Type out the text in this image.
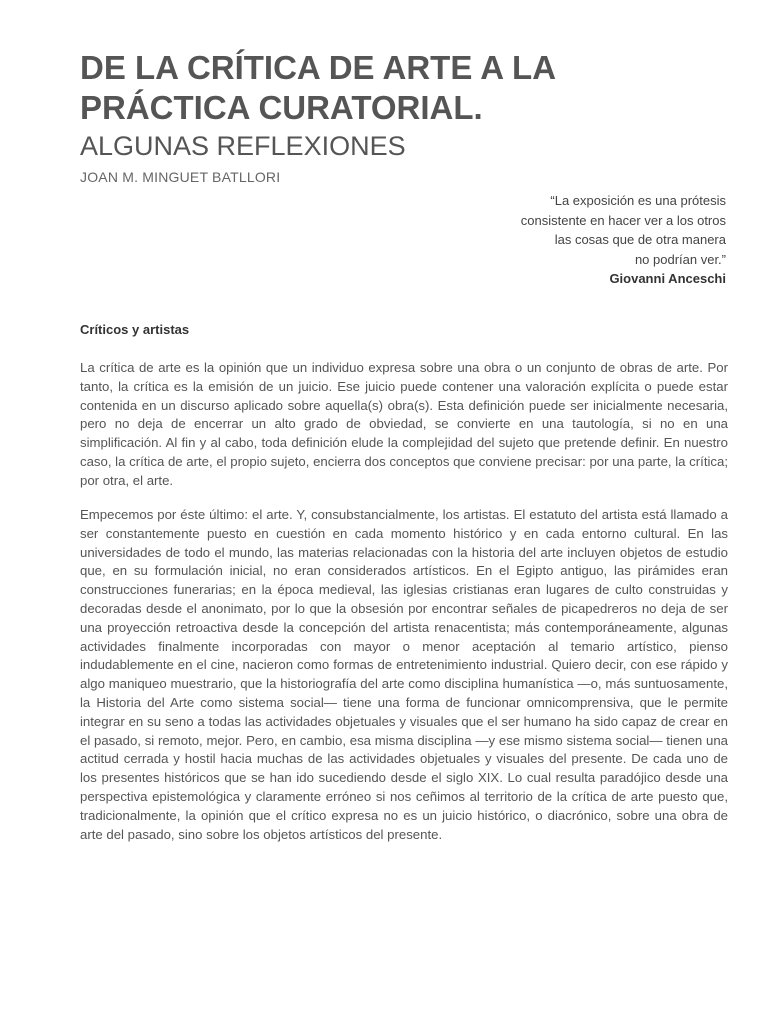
DE LA CRÍTICA DE ARTE A LA PRÁCTICA CURATORIAL.
ALGUNAS REFLEXIONES
JOAN M. MINGUET BATLLORI
“La exposición es una prótesis
consistente en hacer ver a los otros
las cosas que de otra manera
no podrían ver.”
Giovanni Anceschi
Críticos y artistas

La crítica de arte es la opinión que un individuo expresa sobre una obra o un conjunto de obras de arte. Por tanto, la crítica es la emisión de un juicio. Ese juicio puede contener una valoración explícita o puede estar contenida en un discurso aplicado sobre aquella(s) obra(s). Esta definición puede ser inicialmente necesaria, pero no deja de encerrar un alto grado de obviedad, se convierte en una tautología, si no en una simplificación. Al fin y al cabo, toda definición elude la complejidad del sujeto que pretende definir. En nuestro caso, la crítica de arte, el propio sujeto, encierra dos conceptos que conviene precisar: por una parte, la crítica; por otra, el arte.

Empecemos por éste último: el arte. Y, consubstancialmente, los artistas. El estatuto del artista está llamado a ser constantemente puesto en cuestión en cada momento histórico y en cada entorno cultural. En las universidades de todo el mundo, las materias relacionadas con la historia del arte incluyen objetos de estudio que, en su formulación inicial, no eran considerados artísticos. En el Egipto antiguo, las pirámides eran construcciones funerarias; en la época medieval, las iglesias cristianas eran lugares de culto construidas y decoradas desde el anonimato, por lo que la obsesión por encontrar señales de picapedreros no deja de ser una proyección retroactiva desde la concepción del artista renacentista; más contemporáneamente, algunas actividades finalmente incorporadas con mayor o menor aceptación al temario artístico, pienso indudablemente en el cine, nacieron como formas de entretenimiento industrial. Quiero decir, con ese rápido y algo maniqueo muestrario, que la historiografía del arte como disciplina humanística —o, más suntuosamente, la Historia del Arte como sistema social— tiene una forma de funcionar omnicomprensiva, que le permite integrar en su seno a todas las actividades objetuales y visuales que el ser humano ha sido capaz de crear en el pasado, si remoto, mejor. Pero, en cambio, esa misma disciplina —y ese mismo sistema social— tienen una actitud cerrada y hostil hacia muchas de las actividades objetuales y visuales del presente. De cada uno de los presentes históricos que se han ido sucediendo desde el siglo XIX. Lo cual resulta paradójico desde una perspectiva epistemológica y claramente erróneo si nos ceñimos al territorio de la crítica de arte puesto que, tradicionalmente, la opinión que el crítico expresa no es un juicio histórico, o diacrónico, sobre una obra de arte del pasado, sino sobre los objetos artísticos del presente.
